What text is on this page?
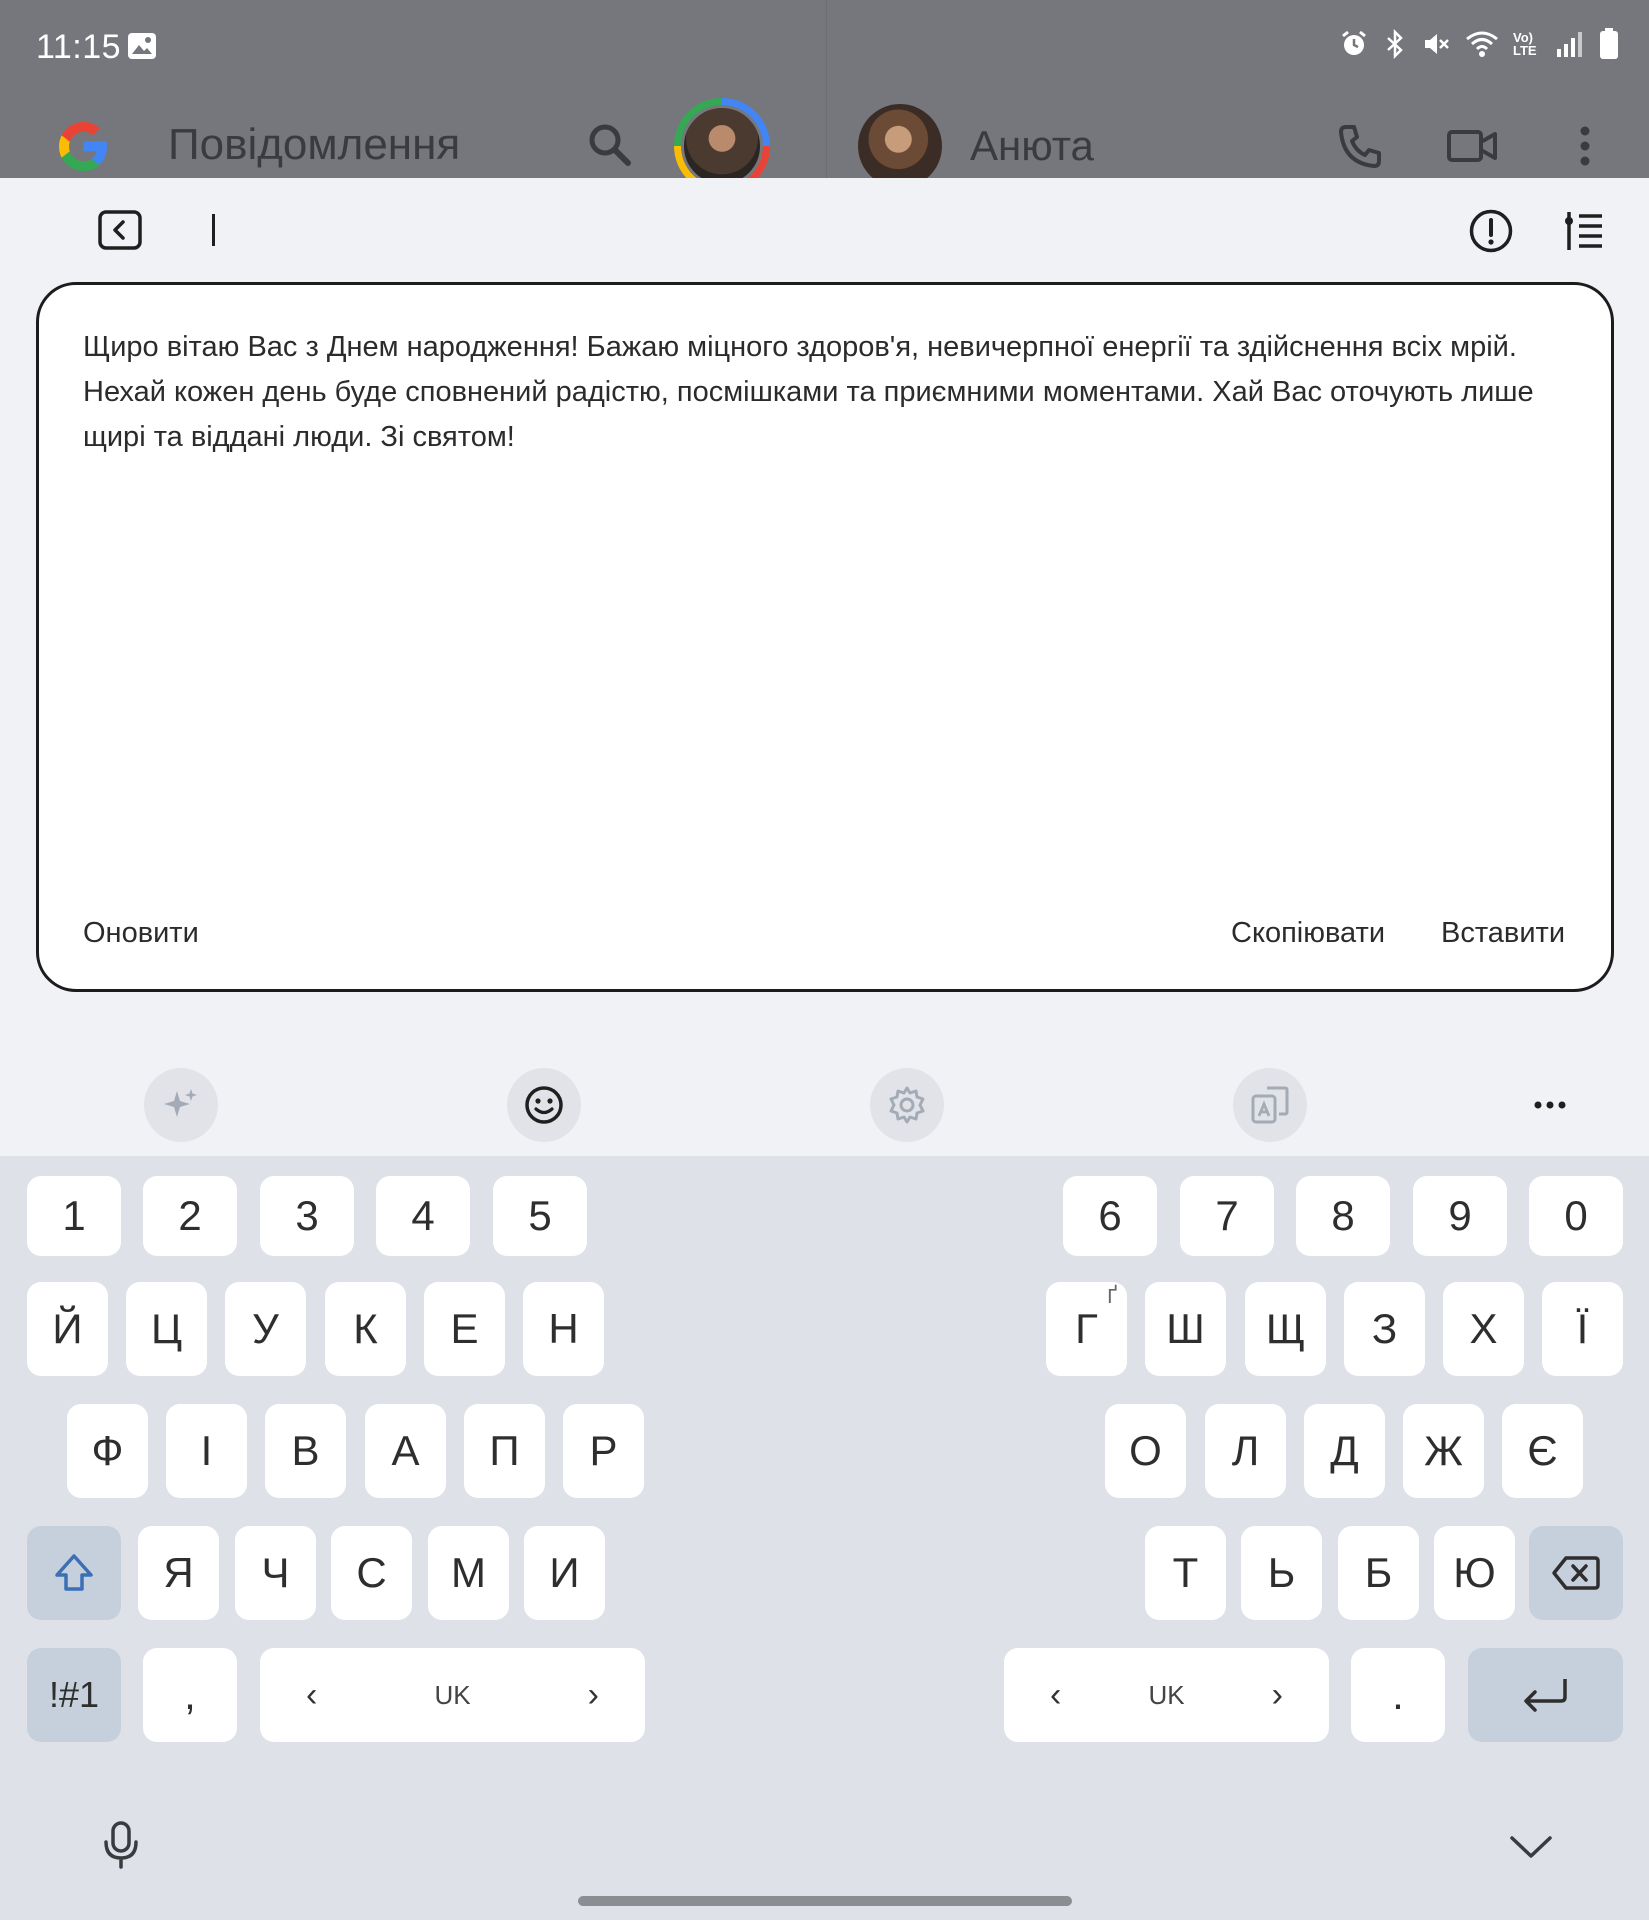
11:15	Vo) LTE
Повідомлення	Анюта
Щиро вітаю Вас з Днем народження! Бажаю міцного здоров'я, невичерпної енергії та здійснення всіх мрій. Нехай кожен день буде сповнений радістю, посмішками та приємними моментами. Хай Вас оточують лише щирі та віддані люди. Зі святом!
Оновити	Скопіювати Вставити
1	2	3	4	5	6	7	8	9	0
Й	Ц	У	К	Е	Н	Г
Ґ
Ш	Щ	З	Х	Ї
Ф	І	В	А	П	Р	О	Л	Д	Ж	Є
Я	Ч	С	М	И	Т	Ь	Б	Ю
!#1	,	‹	UK	›	‹	UK	›	.
